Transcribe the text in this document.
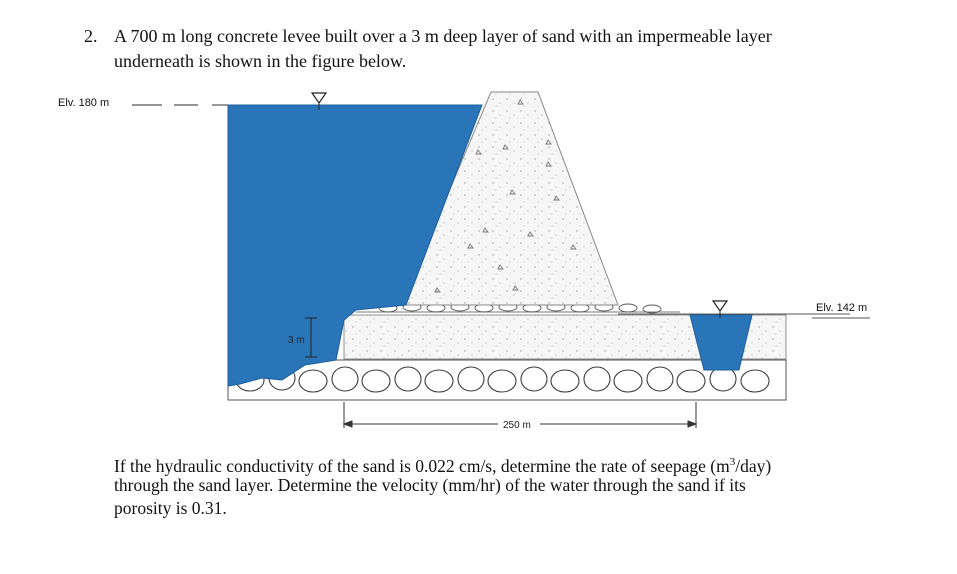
2. A 700 m long concrete levee built over a 3 m deep layer of sand with an impermeable layer
underneath is shown in the figure below.
3 m
250 m
Elv. 180 m
Elv. 142 m
If the hydraulic conductivity of the sand is 0.022 cm/s, determine the rate of seepage $(m^3/day)$
through the sand layer. Determine the velocity (mm/hr) of the water through the sand if its
porosity is 0.31.
